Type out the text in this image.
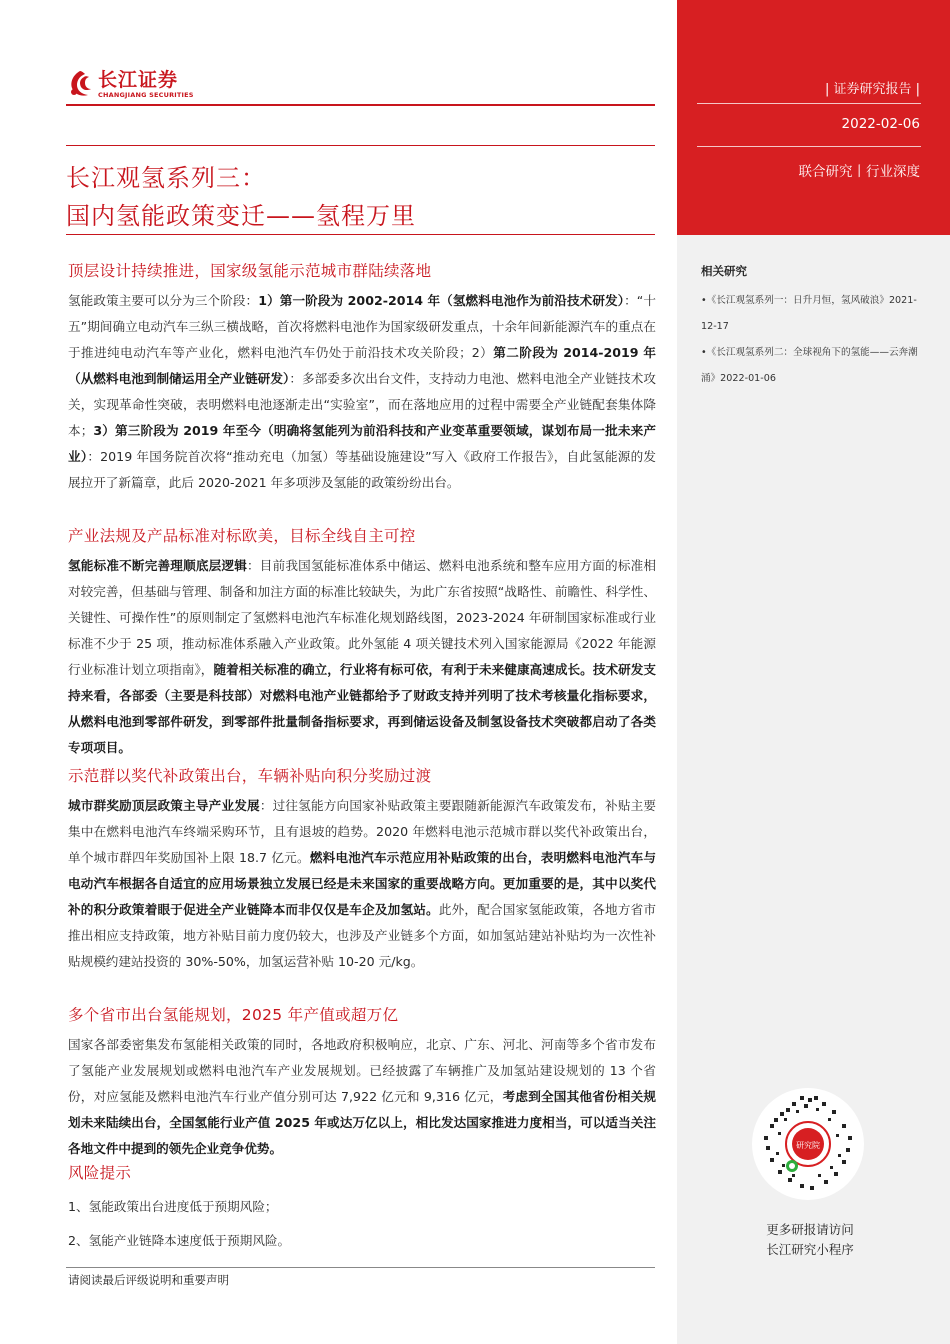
长江证券
CHANGJIANG SECURITIES
长江观氢系列三：
国内氢能政策变迁——氢程万里
顶层设计持续推进，国家级氢能示范城市群陆续落地
氢能政策主要可以分为三个阶段：1）第一阶段为 2002-2014 年（氢燃料电池作为前沿技术研发）：“十五”期间确立电动汽车三纵三横战略，首次将燃料电池作为国家级研发重点，十余年间新能源汽车的重点在于推进纯电动汽车等产业化，燃料电池汽车仍处于前沿技术攻关阶段；2）第二阶段为 2014-2019 年（从燃料电池到制储运用全产业链研发）：多部委多次出台文件，支持动力电池、燃料电池全产业链技术攻关，实现革命性突破，表明燃料电池逐渐走出“实验室”，而在落地应用的过程中需要全产业链配套集体降本；3）第三阶段为 2019 年至今（明确将氢能列为前沿科技和产业变革重要领域，谋划布局一批未来产业）：2019 年国务院首次将“推动充电（加氢）等基础设施建设”写入《政府工作报告》，自此氢能源的发展拉开了新篇章，此后 2020-2021 年多项涉及氢能的政策纷纷出台。
产业法规及产品标准对标欧美，目标全线自主可控
氢能标准不断完善理顺底层逻辑：目前我国氢能标准体系中储运、燃料电池系统和整车应用方面的标准相对较完善，但基础与管理、制备和加注方面的标准比较缺失，为此广东省按照“战略性、前瞻性、科学性、关键性、可操作性”的原则制定了氢燃料电池汽车标准化规划路线图，2023-2024 年研制国家标准或行业标准不少于 25 项，推动标准体系融入产业政策。此外氢能 4 项关键技术列入国家能源局《2022 年能源行业标准计划立项指南》，随着相关标准的确立，行业将有标可依，有利于未来健康高速成长。技术研发支持来看，各部委（主要是科技部）对燃料电池产业链都给予了财政支持并列明了技术考核量化指标要求，从燃料电池到零部件研发，到零部件批量制备指标要求，再到储运设备及制氢设备技术突破都启动了各类专项项目。
示范群以奖代补政策出台，车辆补贴向积分奖励过渡
城市群奖励顶层政策主导产业发展：过往氢能方向国家补贴政策主要跟随新能源汽车政策发布，补贴主要集中在燃料电池汽车终端采购环节，且有退坡的趋势。2020 年燃料电池示范城市群以奖代补政策出台，单个城市群四年奖励国补上限 18.7 亿元。燃料电池汽车示范应用补贴政策的出台，表明燃料电池汽车与电动汽车根据各自适宜的应用场景独立发展已经是未来国家的重要战略方向。更加重要的是，其中以奖代补的积分政策着眼于促进全产业链降本而非仅仅是车企及加氢站。此外，配合国家氢能政策，各地方省市推出相应支持政策，地方补贴目前力度仍较大，也涉及产业链多个方面，如加氢站建站补贴均为一次性补贴规模约建站投资的 30%-50%，加氢运营补贴 10-20 元/kg。
多个省市出台氢能规划，2025 年产值或超万亿
国家各部委密集发布氢能相关政策的同时，各地政府积极响应，北京、广东、河北、河南等多个省市发布了氢能产业发展规划或燃料电池汽车产业发展规划。已经披露了车辆推广及加氢站建设规划的 13 个省份，对应氢能及燃料电池汽车行业产值分别可达 7,922 亿元和 9,316 亿元，考虑到全国其他省份相关规划未来陆续出台，全国氢能行业产值 2025 年或达万亿以上，相比发达国家推进力度相当，可以适当关注各地文件中提到的领先企业竞争优势。
风险提示
1、氢能政策出台进度低于预期风险；
2、氢能产业链降本速度低于预期风险。
请阅读最后评级说明和重要声明
| 证券研究报告 |
2022-02-06
联合研究丨行业深度
相关研究
•《长江观氢系列一：日升月恒，氢风破浪》2021-12-17
•《长江观氢系列二：全球视角下的氢能——云奔潮涌》2022-01-06
研究院
更多研报请访问
长江研究小程序
